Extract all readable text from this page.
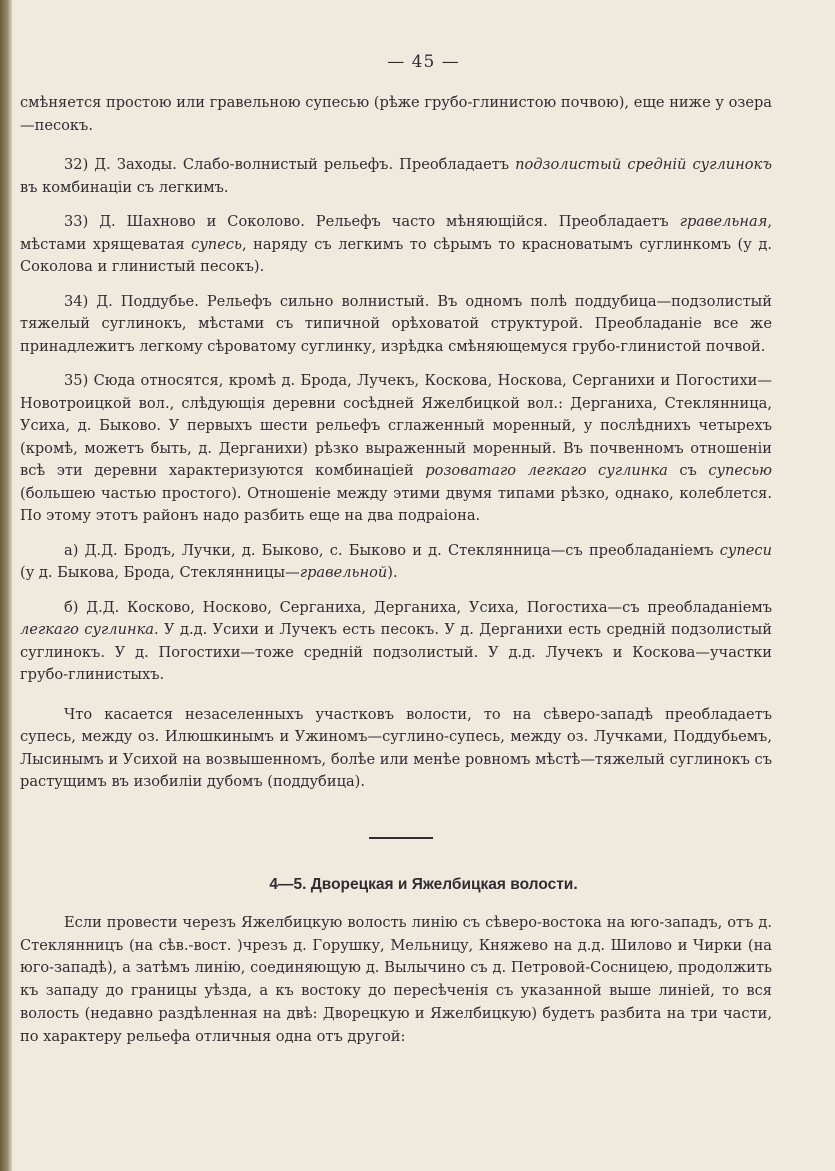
— 45 —

смѣняется простою или гравельною супесью (рѣже грубо-глинистою почвою), еще ниже у озера—песокъ.

32) Д. Заходы. Слабо-волнистый рельефъ. Преобладаетъ подзолистый средній суглинокъ въ комбинаціи съ легкимъ.

33) Д. Шахново и Соколово. Рельефъ часто мѣняющійся. Преобладаетъ гравельная, мѣстами хрящеватая супесь, наряду съ легкимъ то сѣрымъ то красноватымъ суглинкомъ (у д. Соколова и глинистый песокъ).

34) Д. Поддубье. Рельефъ сильно волнистый. Въ одномъ полѣ поддубица—подзолистый тяжелый суглинокъ, мѣстами съ типичной орѣховатой структурой. Преобладаніе все же принадлежитъ легкому сѣроватому суглинку, изрѣдка смѣняющемуся грубо-глинистой почвой.

35) Сюда относятся, кромѣ д. Брода, Лучекъ, Коскова, Носкова, Серганихи и Погостихи—Новотроицкой вол., слѣдующія деревни сосѣдней Яжелбицкой вол.: Дерганиха, Стеклянница, Усиха, д. Быково. У первыхъ шести рельефъ сглаженный моренный, у послѣднихъ четырехъ (кромѣ, можетъ быть, д. Дерганихи) рѣзко выраженный моренный. Въ почвенномъ отношеніи всѣ эти деревни характеризуются комбинаціей розоватаго легкаго суглинка съ супесью (большею частью простого). Отношеніе между этими двумя типами рѣзко, однако, колеблется. По этому этотъ районъ надо разбить еще на два подраіона.

а) Д.Д. Бродъ, Лучки, д. Быково, с. Быково и д. Стеклянница—съ преобладаніемъ супеси (у д. Быкова, Брода, Стеклянницы—гравельной).

б) Д.Д. Косково, Носково, Серганиха, Дерганиха, Усиха, Погостиха—съ преобладаніемъ легкаго суглинка. У д.д. Усихи и Лучекъ есть песокъ. У д. Дерганихи есть средній подзолистый суглинокъ. У д. Погостихи—тоже средній подзолистый. У д.д. Лучекъ и Коскова—участки грубо-глинистыхъ.

Что касается незаселенныхъ участковъ волости, то на сѣверо-западѣ преобладаетъ супесь, между оз. Илюшкинымъ и Ужиномъ—суглино-супесь, между оз. Лучками, Поддубьемъ, Лысинымъ и Усихой на возвышенномъ, болѣе или менѣе ровномъ мѣстѣ—тяжелый суглинокъ съ растущимъ въ изобиліи дубомъ (поддубица).

4—5. Дворецкая и Яжелбицкая волости.

Если провести черезъ Яжелбицкую волость линію съ сѣверо-востока на юго-западъ, отъ д. Стеклянницъ (на сѣв.-вост. )чрезъ д. Горушку, Мельницу, Княжево на д.д. Шилово и Чирки (на юго-западѣ), а затѣмъ линію, соединяющую д. Вылычино съ д. Петровой-Сосницею, продолжить къ западу до границы уѣзда, а къ востоку до пересѣченія съ указанной выше линіей, то вся волость (недавно раздѣленная на двѣ: Дворецкую и Яжелбицкую) будетъ разбита на три части, по характеру рельефа отличныя одна отъ другой:
